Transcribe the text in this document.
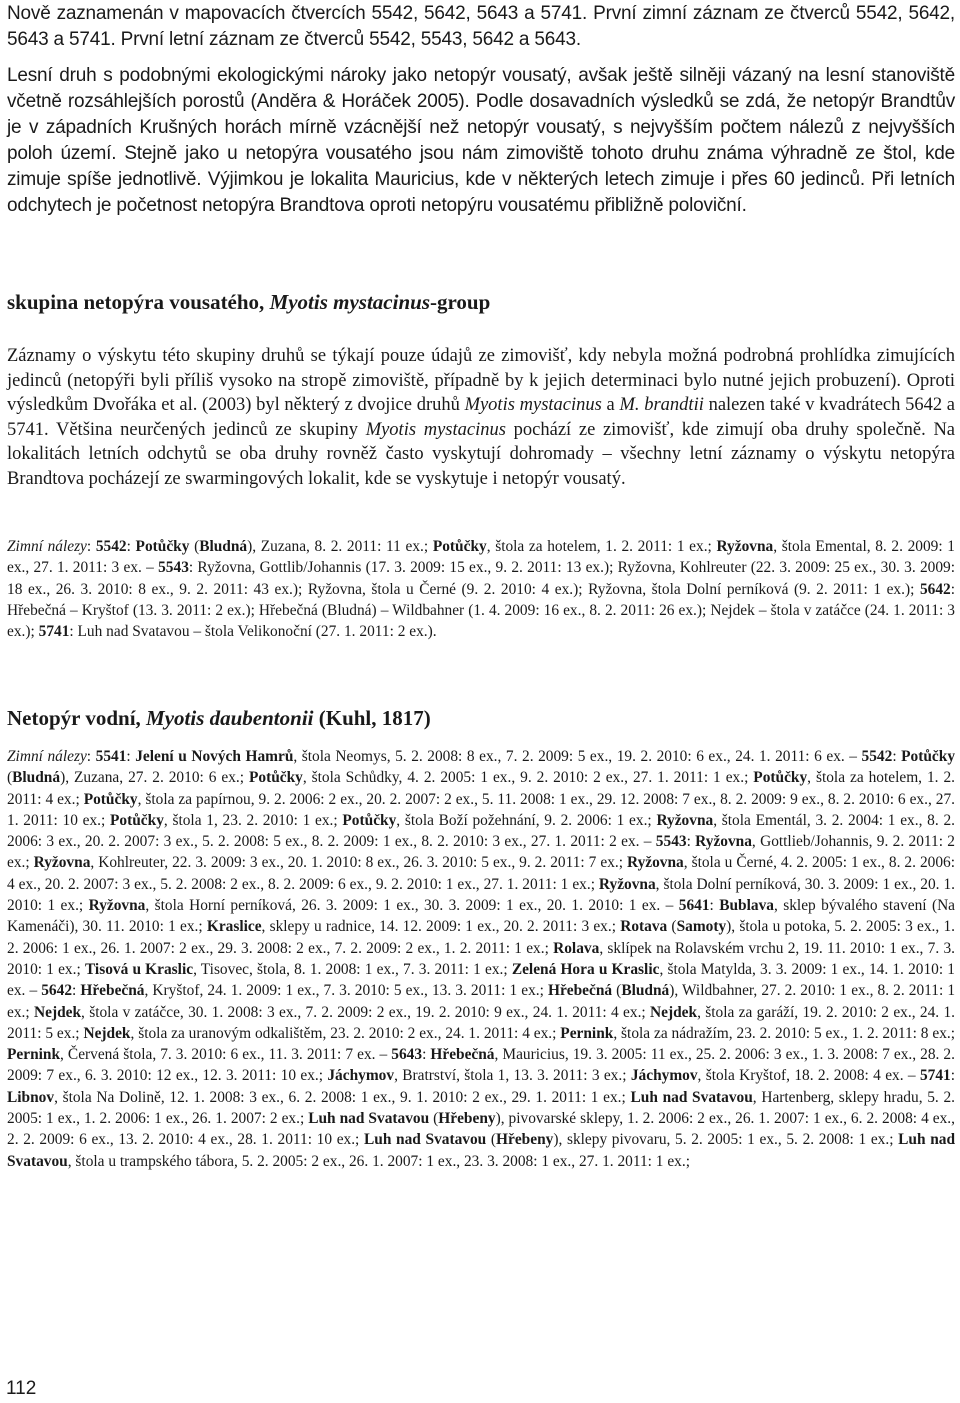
Nově zaznamenán v mapovacích čtvercích 5542, 5642, 5643 a 5741. První zimní záznam ze čtverců 5542, 5642, 5643 a 5741. První letní záznam ze čtverců 5542, 5543, 5642 a 5643.

Lesní druh s podobnými ekologickými nároky jako netopýr vousatý, avšak ještě silněji vázaný na lesní stanoviště včetně rozsáhlejších porostů (Anděra & Horáček 2005). Podle dosavadních výsledků se zdá, že netopýr Brandtův je v západních Krušných horách mírně vzácnější než netopýr vousatý, s nejvyšším počtem nálezů z nejvyšších poloh území. Stejně jako u netopýra vousatého jsou nám zimoviště tohoto druhu známa výhradně ze štol, kde zimuje spíše jednotlivě. Výjimkou je lokalita Mauricius, kde v některých letech zimuje i přes 60 jedinců. Při letních odchytech je početnost netopýra Brandtova oproti netopýru vousatému přibližně poloviční.

skupina netopýra vousatého, Myotis mystacinus-group

Záznamy o výskytu této skupiny druhů se týkají pouze údajů ze zimovišť, kdy nebyla možná podrobná prohlídka zimujících jedinců (netopýři byli příliš vysoko na stropě zimoviště, případně by k jejich determinaci bylo nutné jejich probuzení). Oproti výsledkům Dvořáka et al. (2003) byl některý z dvojice druhů Myotis mystacinus a M. brandtii nalezen také v kvadrátech 5642 a 5741. Většina neurčených jedinců ze skupiny Myotis mystacinus pochází ze zimovišť, kde zimují oba druhy společně. Na lokalitách letních odchytů se oba druhy rovněž často vyskytují dohromady – všechny letní záznamy o výskytu netopýra Brandtova pocházejí ze swarmingových lokalit, kde se vyskytuje i netopýr vousatý.

Zimní nálezy: 5542: Potůčky (Bludná), Zuzana, 8. 2. 2011: 11 ex.; Potůčky, štola za hotelem, 1. 2. 2011: 1 ex.; Ryžovna, štola Emental, 8. 2. 2009: 1 ex., 27. 1. 2011: 3 ex. – 5543: Ryžovna, Gottlib/Johannis (17. 3. 2009: 15 ex., 9. 2. 2011: 13 ex.); Ryžovna, Kohlreuter (22. 3. 2009: 25 ex., 30. 3. 2009: 18 ex., 26. 3. 2010: 8 ex., 9. 2. 2011: 43 ex.); Ryžovna, štola u Černé (9. 2. 2010: 4 ex.); Ryžovna, štola Dolní perníková (9. 2. 2011: 1 ex.); 5642: Hřebečná – Kryštof (13. 3. 2011: 2 ex.); Hřebečná (Bludná) – Wildbahner (1. 4. 2009: 16 ex., 8. 2. 2011: 26 ex.); Nejdek – štola v zatáčce (24. 1. 2011: 3 ex.); 5741: Luh nad Svatavou – štola Velikonoční (27. 1. 2011: 2 ex.).

Netopýr vodní, Myotis daubentonii (Kuhl, 1817)

Zimní nálezy: 5541: Jelení u Nových Hamrů, štola Neomys, 5. 2. 2008: 8 ex., 7. 2. 2009: 5 ex., 19. 2. 2010: 6 ex., 24. 1. 2011: 6 ex. – 5542: Potůčky (Bludná), Zuzana, 27. 2. 2010: 6 ex.; Potůčky, štola Schůdky, 4. 2. 2005: 1 ex., 9. 2. 2010: 2 ex., 27. 1. 2011: 1 ex.; Potůčky, štola za hotelem, 1. 2. 2011: 4 ex.; Potůčky, štola za papírnou, 9. 2. 2006: 2 ex., 20. 2. 2007: 2 ex., 5. 11. 2008: 1 ex., 29. 12. 2008: 7 ex., 8. 2. 2009: 9 ex., 8. 2. 2010: 6 ex., 27. 1. 2011: 10 ex.; Potůčky, štola 1, 23. 2. 2010: 1 ex.; Potůčky, štola Boží požehnání, 9. 2. 2006: 1 ex.; Ryžovna, štola Ementál, 3. 2. 2004: 1 ex., 8. 2. 2006: 3 ex., 20. 2. 2007: 3 ex., 5. 2. 2008: 5 ex., 8. 2. 2009: 1 ex., 8. 2. 2010: 3 ex., 27. 1. 2011: 2 ex. – 5543: Ryžovna, Gottlieb/Johannis, 9. 2. 2011: 2 ex.; Ryžovna, Kohlreuter, 22. 3. 2009: 3 ex., 20. 1. 2010: 8 ex., 26. 3. 2010: 5 ex., 9. 2. 2011: 7 ex.; Ryžovna, štola u Černé, 4. 2. 2005: 1 ex., 8. 2. 2006: 4 ex., 20. 2. 2007: 3 ex., 5. 2. 2008: 2 ex., 8. 2. 2009: 6 ex., 9. 2. 2010: 1 ex., 27. 1. 2011: 1 ex.; Ryžovna, štola Dolní perníková, 30. 3. 2009: 1 ex., 20. 1. 2010: 1 ex.; Ryžovna, štola Horní perníková, 26. 3. 2009: 1 ex., 30. 3. 2009: 1 ex., 20. 1. 2010: 1 ex. – 5641: Bublava, sklep bývalého stavení (Na Kamenáči), 30. 11. 2010: 1 ex.; Kraslice, sklepy u radnice, 14. 12. 2009: 1 ex., 20. 2. 2011: 3 ex.; Rotava (Samoty), štola u potoka, 5. 2. 2005: 3 ex., 1. 2. 2006: 1 ex., 26. 1. 2007: 2 ex., 29. 3. 2008: 2 ex., 7. 2. 2009: 2 ex., 1. 2. 2011: 1 ex.; Rolava, sklípek na Rolavském vrchu 2, 19. 11. 2010: 1 ex., 7. 3. 2010: 1 ex.; Tisová u Kraslic, Tisovec, štola, 8. 1. 2008: 1 ex., 7. 3. 2011: 1 ex.; Zelená Hora u Kraslic, štola Matylda, 3. 3. 2009: 1 ex., 14. 1. 2010: 1 ex. – 5642: Hřebečná, Kryštof, 24. 1. 2009: 1 ex., 7. 3. 2010: 5 ex., 13. 3. 2011: 1 ex.; Hřebečná (Bludná), Wildbahner, 27. 2. 2010: 1 ex., 8. 2. 2011: 1 ex.; Nejdek, štola v zatáčce, 30. 1. 2008: 3 ex., 7. 2. 2009: 2 ex., 19. 2. 2010: 9 ex., 24. 1. 2011: 4 ex.; Nejdek, štola za garáží, 19. 2. 2010: 2 ex., 24. 1. 2011: 5 ex.; Nejdek, štola za uranovým odkalištěm, 23. 2. 2010: 2 ex., 24. 1. 2011: 4 ex.; Pernink, štola za nádražím, 23. 2. 2010: 5 ex., 1. 2. 2011: 8 ex.; Pernink, Červená štola, 7. 3. 2010: 6 ex., 11. 3. 2011: 7 ex. – 5643: Hřebečná, Mauricius, 19. 3. 2005: 11 ex., 25. 2. 2006: 3 ex., 1. 3. 2008: 7 ex., 28. 2. 2009: 7 ex., 6. 3. 2010: 12 ex., 12. 3. 2011: 10 ex.; Jáchymov, Bratrství, štola 1, 13. 3. 2011: 3 ex.; Jáchymov, štola Kryštof, 18. 2. 2008: 4 ex. – 5741: Libnov, štola Na Dolině, 12. 1. 2008: 3 ex., 6. 2. 2008: 1 ex., 9. 1. 2010: 2 ex., 29. 1. 2011: 1 ex.; Luh nad Svatavou, Hartenberg, sklepy hradu, 5. 2. 2005: 1 ex., 1. 2. 2006: 1 ex., 26. 1. 2007: 2 ex.; Luh nad Svatavou (Hřebeny), pivovarské sklepy, 1. 2. 2006: 2 ex., 26. 1. 2007: 1 ex., 6. 2. 2008: 4 ex., 2. 2. 2009: 6 ex., 13. 2. 2010: 4 ex., 28. 1. 2011: 10 ex.; Luh nad Svatavou (Hřebeny), sklepy pivovaru, 5. 2. 2005: 1 ex., 5. 2. 2008: 1 ex.; Luh nad Svatavou, štola u trampského tábora, 5. 2. 2005: 2 ex., 26. 1. 2007: 1 ex., 23. 3. 2008: 1 ex., 27. 1. 2011: 1 ex.;

112
